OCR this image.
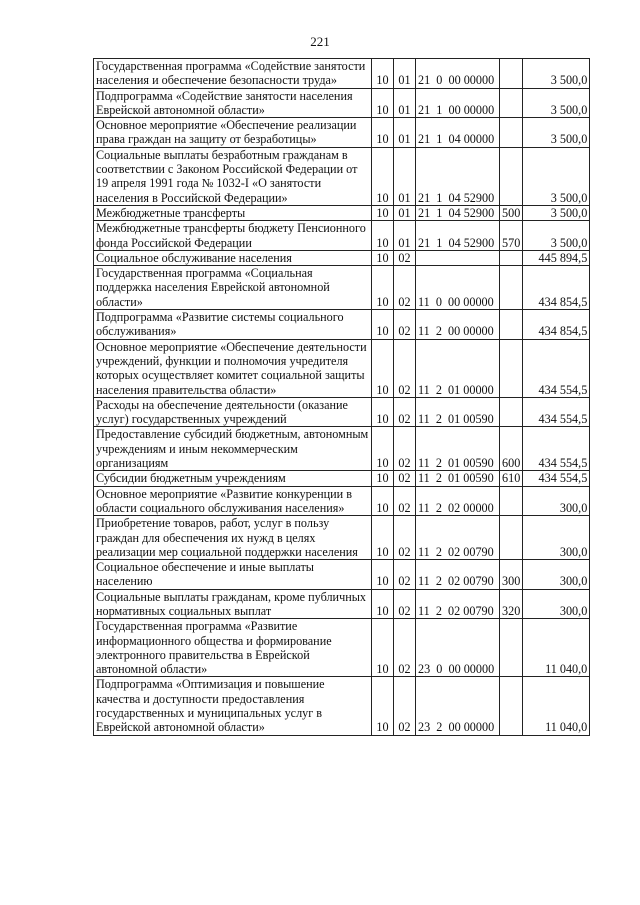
221
Государственная программа «Содействие занятости населения и обеспечение безопасности труда»	10	01	21  0  00 00000		3 500,0
Подпрограмма «Содействие занятости населения Еврейской автономной области»	10	01	21  1  00 00000		3 500,0
Основное мероприятие «Обеспечение реализации права граждан на защиту от безработицы»	10	01	21  1  04 00000		3 500,0
Социальные выплаты безработным гражданам в соответствии с Законом Российской Федерации от 19 апреля 1991 года № 1032-I «О занятости населения в Российской Федерации»	10	01	21  1  04 52900		3 500,0
Межбюджетные трансферты	10	01	21  1  04 52900	500	3 500,0
Межбюджетные трансферты бюджету Пенсионного фонда Российской Федерации	10	01	21  1  04 52900	570	3 500,0
Социальное обслуживание населения	10	02			445 894,5
Государственная программа «Социальная поддержка населения Еврейской автономной области»	10	02	11  0  00 00000		434 854,5
Подпрограмма «Развитие системы социального обслуживания»	10	02	11  2  00 00000		434 854,5
Основное мероприятие «Обеспечение деятельности учреждений, функции и полномочия учредителя которых осуществляет комитет социальной защиты населения правительства области»	10	02	11  2  01 00000		434 554,5
Расходы на обеспечение деятельности (оказание услуг) государственных учреждений	10	02	11  2  01 00590		434 554,5
Предоставление субсидий бюджетным, автономным учреждениям и иным некоммерческим организациям	10	02	11  2  01 00590	600	434 554,5
Субсидии бюджетным учреждениям	10	02	11  2  01 00590	610	434 554,5
Основное мероприятие «Развитие конкуренции в области социального обслуживания населения»	10	02	11  2  02 00000		300,0
Приобретение товаров, работ, услуг в пользу граждан для обеспечения их нужд в целях реализации мер социальной поддержки населения	10	02	11  2  02 00790		300,0
Социальное обеспечение и иные выплаты населению	10	02	11  2  02 00790	300	300,0
Социальные выплаты гражданам, кроме публичных нормативных социальных выплат	10	02	11  2  02 00790	320	300,0
Государственная программа «Развитие информационного общества и формирование электронного правительства в Еврейской автономной области»	10	02	23  0  00 00000		11 040,0
Подпрограмма «Оптимизация и повышение качества и доступности предоставления государственных и муниципальных услуг в Еврейской автономной области»	10	02	23  2  00 00000		11 040,0
